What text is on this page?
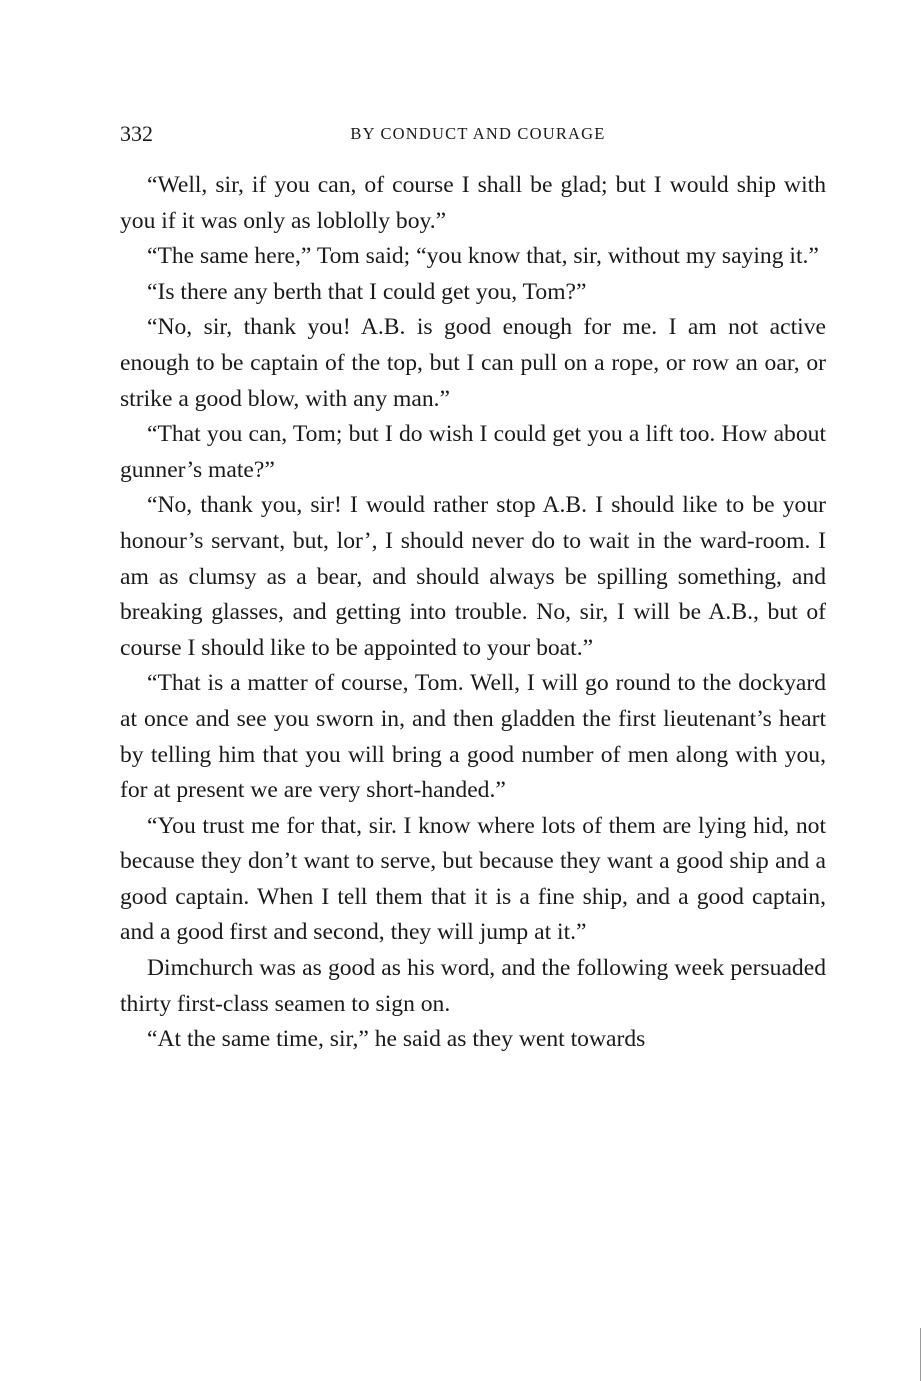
332	BY CONDUCT AND COURAGE

“Well, sir, if you can, of course I shall be glad; but I would ship with you if it was only as loblolly boy.”

“The same here,” Tom said; “you know that, sir, without my saying it.”

“Is there any berth that I could get you, Tom?”

“No, sir, thank you! A.B. is good enough for me. I am not active enough to be captain of the top, but I can pull on a rope, or row an oar, or strike a good blow, with any man.”

“That you can, Tom; but I do wish I could get you a lift too. How about gunner’s mate?”

“No, thank you, sir! I would rather stop A.B. I should like to be your honour’s servant, but, lor’, I should never do to wait in the ward-room. I am as clumsy as a bear, and should always be spilling something, and breaking glasses, and getting into trouble. No, sir, I will be A.B., but of course I should like to be appointed to your boat.”

“That is a matter of course, Tom. Well, I will go round to the dockyard at once and see you sworn in, and then gladden the first lieutenant’s heart by telling him that you will bring a good number of men along with you, for at present we are very short-handed.”

“You trust me for that, sir. I know where lots of them are lying hid, not because they don’t want to serve, but because they want a good ship and a good captain. When I tell them that it is a fine ship, and a good captain, and a good first and second, they will jump at it.”

Dimchurch was as good as his word, and the following week persuaded thirty first-class seamen to sign on.

“At the same time, sir,” he said as they went towards
